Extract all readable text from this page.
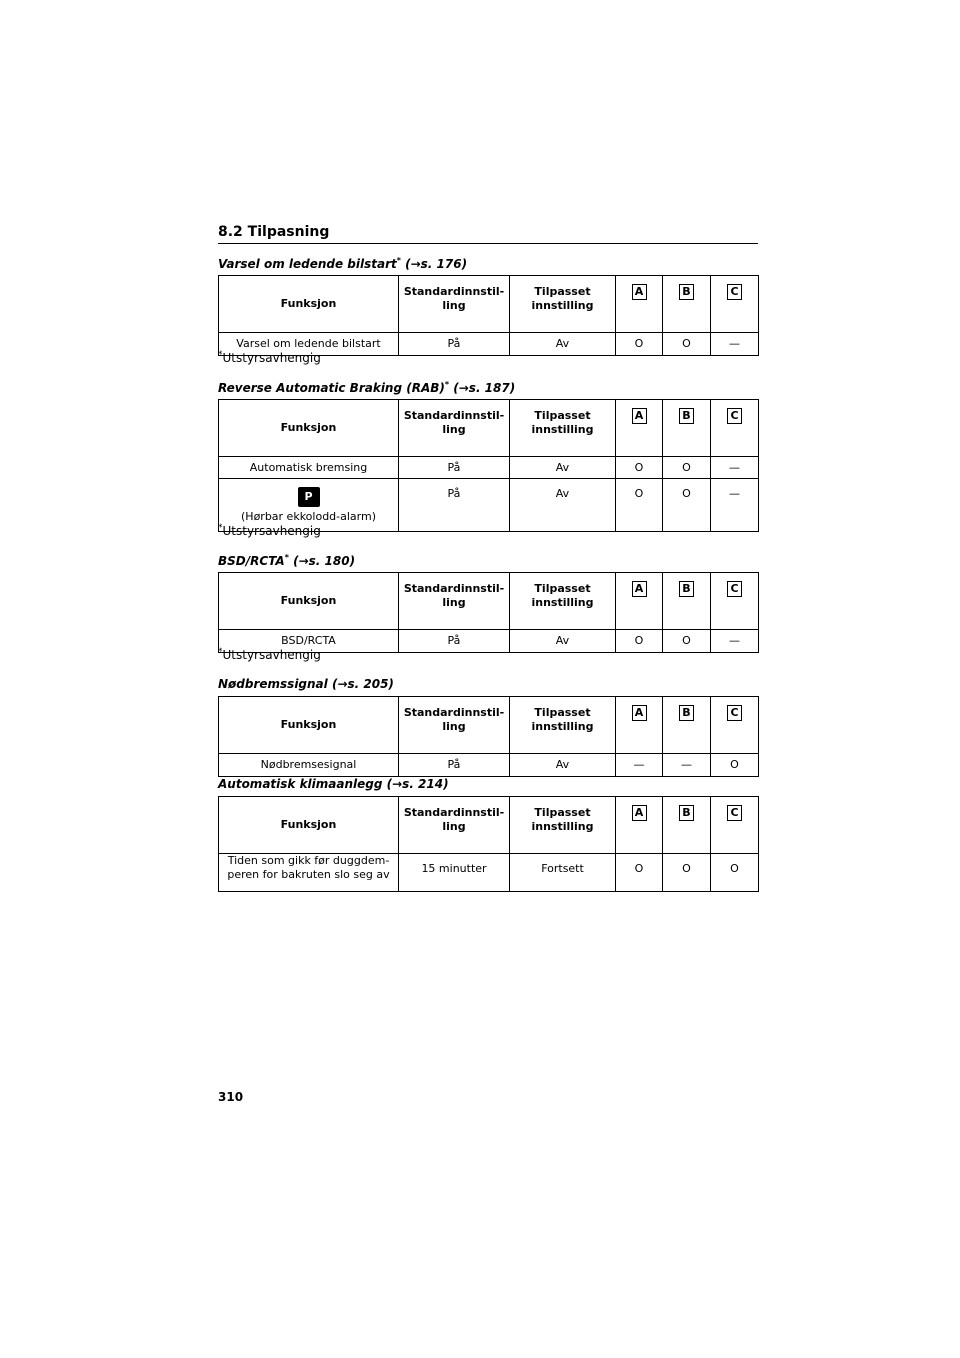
8.2 Tilpasning
Varsel om ledende bilstart* (→s. 176)
Funksjon	Standardinnstil-ling	Tilpasset innstilling	A	B	C
Varsel om ledende bilstart	På	Av	O	O	—
*Utstyrsavhengig
Reverse Automatic Braking (RAB)* (→s. 187)
Funksjon	Standardinnstil-ling	Tilpasset innstilling	A	B	C
Automatisk bremsing	På	Av	O	O	—
P
(Hørbar ekkolodd-alarm)	På	Av	O	O	—
*Utstyrsavhengig
BSD/RCTA* (→s. 180)
Funksjon	Standardinnstil-ling	Tilpasset innstilling	A	B	C
BSD/RCTA	På	Av	O	O	—
*Utstyrsavhengig
Nødbremssignal (→s. 205)
Funksjon	Standardinnstil-ling	Tilpasset innstilling	A	B	C
Nødbremsesignal	På	Av	—	—	O
Automatisk klimaanlegg (→s. 214)
Funksjon	Standardinnstil-ling	Tilpasset innstilling	A	B	C
Tiden som gikk før duggdem-peren for bakruten slo seg av	15 minutter	Fortsett	O	O	O
310
